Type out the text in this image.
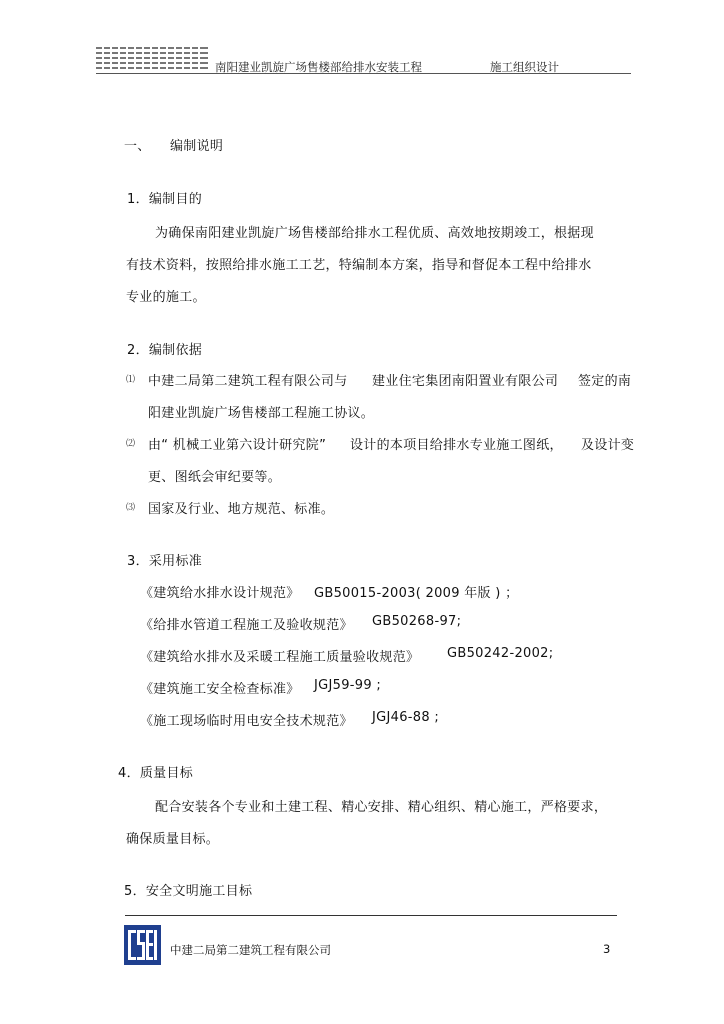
南阳建业凯旋广场售楼部给排水安装工程	施工组织设计
一、 编制说明
1．编制目的
为确保南阳建业凯旋广场售楼部给排水工程优质、高效地按期竣工，根据现
有技术资料，按照给排水施工工艺，特编制本方案，指导和督促本工程中给排水
专业的施工。
2．编制依据
⑴ 中建二局第二建筑工程有限公司与 建业住宅集团南阳置业有限公司 签定的南
阳建业凯旋广场售楼部工程施工协议。
⑵ 由“ 机械工业第六设计研究院” 设计的本项目给排水专业施工图纸， 及设计变
更、图纸会审纪要等。
⑶ 国家及行业、地方规范、标准。
3．采用标准
《建筑给水排水设计规范》 GB50015-2003( 2009 年版 ) ；
《给排水管道工程施工及验收规范》 GB50268-97;
《建筑给水排水及采暖工程施工质量验收规范》 GB50242-2002;
《建筑施工安全检查标准》 JGJ59-99 ;
《施工现场临时用电安全技术规范》 JGJ46-88 ;
4．质量目标
配合安装各个专业和土建工程、精心安排、精心组织、精心施工，严格要求，
确保质量目标。
5．安全文明施工目标
中建二局第二建筑工程有限公司	3
